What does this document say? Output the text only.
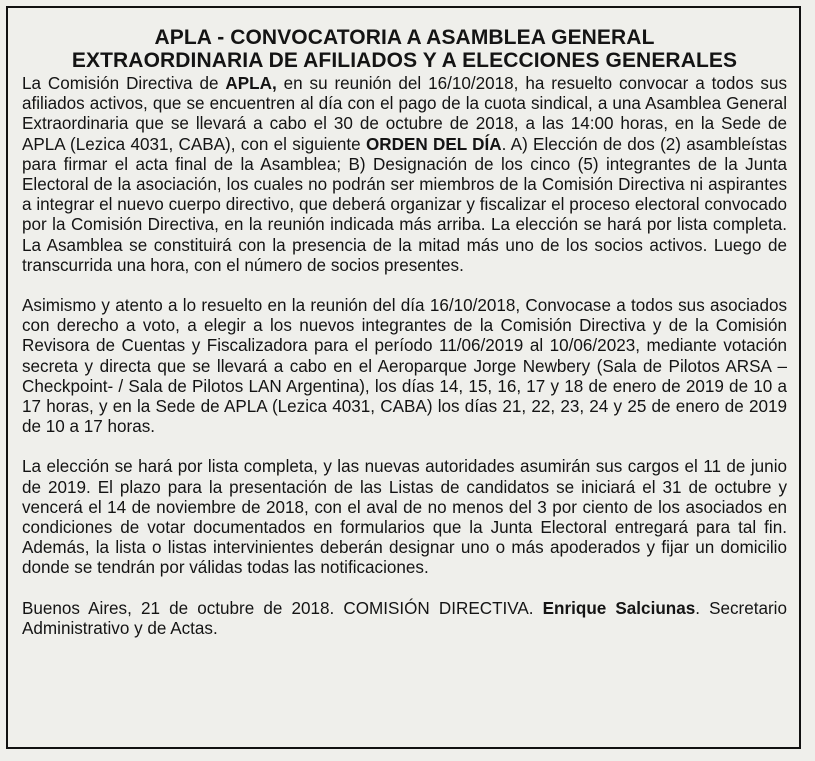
APLA - CONVOCATORIA A ASAMBLEA GENERAL
EXTRAORDINARIA DE AFILIADOS Y A ELECCIONES GENERALES

La Comisión Directiva de APLA, en su reunión del 16/10/2018, ha resuelto convocar a todos sus afiliados activos, que se encuentren al día con el pago de la cuota sindical, a una Asamblea General Extraordinaria que se llevará a cabo el 30 de octubre de 2018, a las 14:00 horas, en la Sede de APLA (Lezica 4031, CABA), con el siguiente ORDEN DEL DÍA. A) Elección de dos (2) asambleístas para firmar el acta final de la Asamblea; B) Designación de los cinco (5) integrantes de la Junta Electoral de la asociación, los cuales no podrán ser miembros de la Comisión Directiva ni aspirantes a integrar el nuevo cuerpo directivo, que deberá organizar y fiscalizar el proceso electoral convocado por la Comisión Directiva, en la reunión indicada más arriba. La elección se hará por lista completa. La Asamblea se constituirá con la presencia de la mitad más uno de los socios activos. Luego de transcurrida una hora, con el número de socios presentes.

Asimismo y atento a lo resuelto en la reunión del día 16/10/2018, Convocase a todos sus asociados con derecho a voto, a elegir a los nuevos integrantes de la Comisión Directiva y de la Comisión Revisora de Cuentas y Fiscalizadora para el período 11/06/2019 al 10/06/2023, mediante votación secreta y directa que se llevará a cabo en el Aeroparque Jorge Newbery (Sala de Pilotos ARSA – Checkpoint- / Sala de Pilotos LAN Argentina), los días 14, 15, 16, 17 y 18 de enero de 2019 de 10 a 17 horas, y en la Sede de APLA (Lezica 4031, CABA) los días 21, 22, 23, 24 y 25 de enero de 2019 de 10 a 17 horas.

La elección se hará por lista completa, y las nuevas autoridades asumirán sus cargos el 11 de junio de 2019. El plazo para la presentación de las Listas de candidatos se iniciará el 31 de octubre y vencerá el 14 de noviembre de 2018, con el aval de no menos del 3 por ciento de los asociados en condiciones de votar documentados en formularios que la Junta Electoral entregará para tal fin. Además, la lista o listas intervinientes deberán designar uno o más apoderados y fijar un domicilio donde se tendrán por válidas todas las notificaciones.

Buenos Aires, 21 de octubre de 2018. COMISIÓN DIRECTIVA. Enrique Salciunas. Secretario Administrativo y de Actas.
